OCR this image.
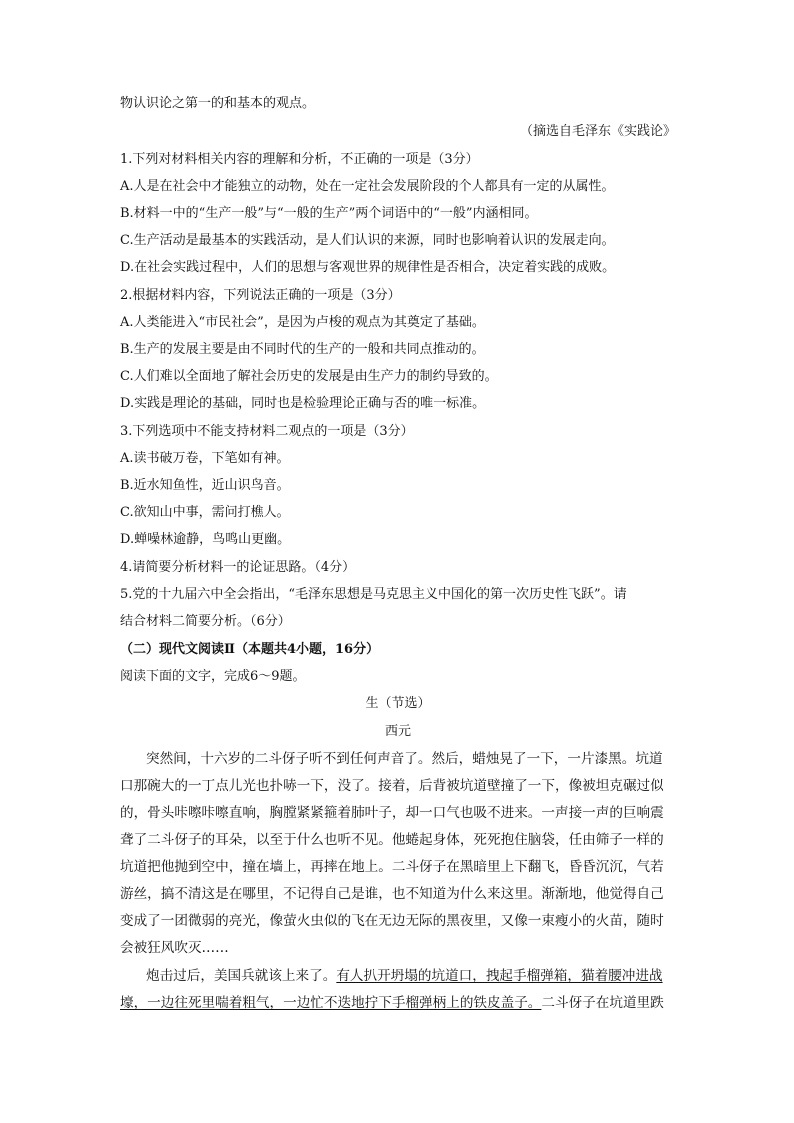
物认识论之第一的和基本的观点。
（摘选自毛泽东《实践论》
1.下列对材料相关内容的理解和分析，不正确的一项是（3分）
A.人是在社会中才能独立的动物，处在一定社会发展阶段的个人都具有一定的从属性。
B.材料一中的“生产一般”与“一般的生产”两个词语中的“一般”内涵相同。
C.生产活动是最基本的实践活动，是人们认识的来源，同时也影响着认识的发展走向。
D.在社会实践过程中，人们的思想与客观世界的规律性是否相合，决定着实践的成败。
2.根据材料内容，下列说法正确的一项是（3分）
A.人类能进入“市民社会”，是因为卢梭的观点为其奠定了基础。
B.生产的发展主要是由不同时代的生产的一般和共同点推动的。
C.人们难以全面地了解社会历史的发展是由生产力的制约导致的。
D.实践是理论的基础，同时也是检验理论正确与否的唯一标准。
3.下列选项中不能支持材料二观点的一项是（3分）
A.读书破万卷，下笔如有神。
B.近水知鱼性，近山识鸟音。
C.欲知山中事，需问打樵人。
D.蝉噪林逾静，鸟鸣山更幽。
4.请简要分析材料一的论证思路。（4分）
5.党的十九届六中全会指出，“毛泽东思想是马克思主义中国化的第一次历史性飞跃”。请
结合材料二简要分析。（6分）
（二）现代文阅读Ⅱ（本题共4小题，16分）
阅读下面的文字，完成6～9题。
生（节选）
西元
突然间，十六岁的二斗伢子听不到任何声音了。然后，蜡烛晃了一下，一片漆黑。坑道
口那碗大的一丁点儿光也扑哧一下，没了。接着，后背被坑道壁撞了一下，像被坦克碾过似
的，骨头咔嚓咔嚓直响，胸膛紧紧箍着肺叶子，却一口气也吸不进来。一声接一声的巨响震
聋了二斗伢子的耳朵，以至于什么也听不见。他蜷起身体，死死抱住脑袋，任由筛子一样的
坑道把他抛到空中，撞在墙上，再摔在地上。二斗伢子在黑暗里上下翻飞，昏昏沉沉，气若
游丝，搞不清这是在哪里，不记得自己是谁，也不知道为什么来这里。渐渐地，他觉得自己
变成了一团微弱的亮光，像萤火虫似的飞在无边无际的黑夜里，又像一束瘦小的火苗，随时
会被狂风吹灭……
炮击过后，美国兵就该上来了。有人扒开坍塌的坑道口，拽起手榴弹箱，猫着腰冲进战
壕，一边往死里喘着粗气，一边忙不迭地拧下手榴弹柄上的铁皮盖子。二斗伢子在坑道里跌
